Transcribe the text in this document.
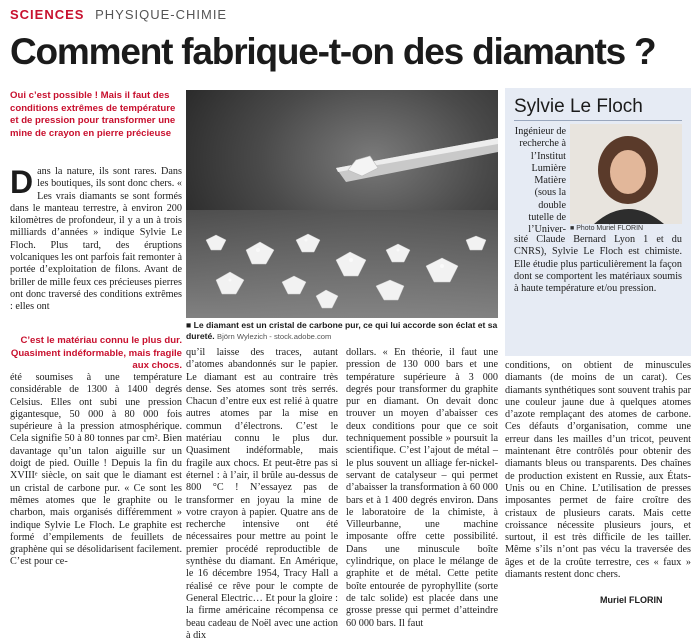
SCIENCES PHYSIQUE-CHIMIE
Comment fabrique-t-on des diamants ?
Oui c’est possible ! Mais il faut des conditions extrêmes de température et de pression pour transformer une mine de crayon en pierre précieuse

Dans la nature, ils sont rares. Dans les boutiques, ils sont donc chers. « Les vrais diamants se sont formés dans le manteau terrestre, à environ 200 kilomètres de profondeur, il y a un à trois milliards d’années » indique Sylvie Le Floch. Plus tard, des éruptions volcaniques les ont parfois fait remonter à portée d’exploitation de filons. Avant de briller de mille feux ces précieuses pierres ont donc traversé des conditions extrêmes : elles ont

■ Le diamant est un cristal de carbone pur, ce qui lui accorde son éclat et sa dureté. Björn Wylezich - stock.adobe.com
Sylvie Le Floch
■ Photo Muriel FLORIN
Ingénieur de recherche à l’Institut Lumière Matière (sous la double tutelle de l’Univer-
sité Claude Bernard Lyon 1 et du CNRS), Sylvie Le Floch est chimiste. Elle étudie plus particulièrement la façon dont se comportent les matériaux soumis à haute température et/ou pression.
C’est le matériau connu le plus dur. Quasiment indéformable, mais fragile aux chocs.

été soumises à une température considérable de 1300 à 1400 degrés Celsius. Elles ont subi une pression gigantesque, 50 000 à 80 000 fois supérieure à la pression atmosphérique. Cela signifie 50 à 80 tonnes par cm². Bien davantage qu’un talon aiguille sur un doigt de pied. Ouille ! Depuis la fin du XVIIIᵉ siècle, on sait que le diamant est un cristal de carbone pur. « Ce sont les mêmes atomes que le graphite ou le charbon, mais organisés différemment » indique Sylvie Le Floch. Le graphite est formé d’empilements de feuillets de graphène qui se désolidarisent facilement. C’est pour ce-

qu’il laisse des traces, autant d’atomes abandonnés sur le papier. Le diamant est au contraire très dense. Ses atomes sont très serrés. Chacun d’entre eux est relié à quatre autres atomes par la mise en commun d’électrons. C’est le matériau connu le plus dur. Quasiment indéformable, mais fragile aux chocs. Et peut-être pas si éternel : à l’air, il brûle au-dessus de 800 °C ! N’essayez pas de transformer en joyau la mine de votre crayon à papier. Quatre ans de recherche intensive ont été nécessaires pour mettre au point le premier procédé reproductible de synthèse du diamant. En Amérique, le 16 décembre 1954, Tracy Hall a réalisé ce rêve pour le compte de General Electric… Et pour la gloire : la firme américaine récompensa ce beau cadeau de Noël avec une action à dix

dollars. « En théorie, il faut une pression de 130 000 bars et une température supérieure à 3 000 degrés pour transformer du graphite pur en diamant. On devait donc trouver un moyen d’abaisser ces deux conditions pour que ce soit techniquement possible » poursuit la scientifique. C’est l’ajout de métal – le plus souvent un alliage fer-nickel-servant de catalyseur – qui permet d’abaisser la transformation à 60 000 bars et à 1 400 degrés environ. Dans le laboratoire de la chimiste, à Villeurbanne, une machine imposante offre cette possibilité. Dans une minuscule boîte cylindrique, on place le mélange de graphite et de métal. Cette petite boîte entourée de pyrophyllite (sorte de talc solide) est placée dans une grosse presse qui permet d’atteindre 60 000 bars. Il faut

conditions, on obtient de minuscules diamants (de moins de un carat). Ces diamants synthétiques sont souvent trahis par une couleur jaune due à quelques atomes d’azote remplaçant des atomes de carbone. Ces défauts d’organisation, comme une erreur dans les mailles d’un tricot, peuvent maintenant être contrôlés pour obtenir des diamants bleus ou transparents. Des chaînes de production existent en Russie, aux États-Unis ou en Chine. L’utilisation de presses imposantes permet de faire croître des cristaux de plusieurs carats. Mais cette croissance nécessite plusieurs jours, et surtout, il est très difficile de les tailler. Même s’ils n’ont pas vécu la traversée des âges et de la croûte terrestre, ces « faux » diamants restent donc chers.

Muriel FLORIN
